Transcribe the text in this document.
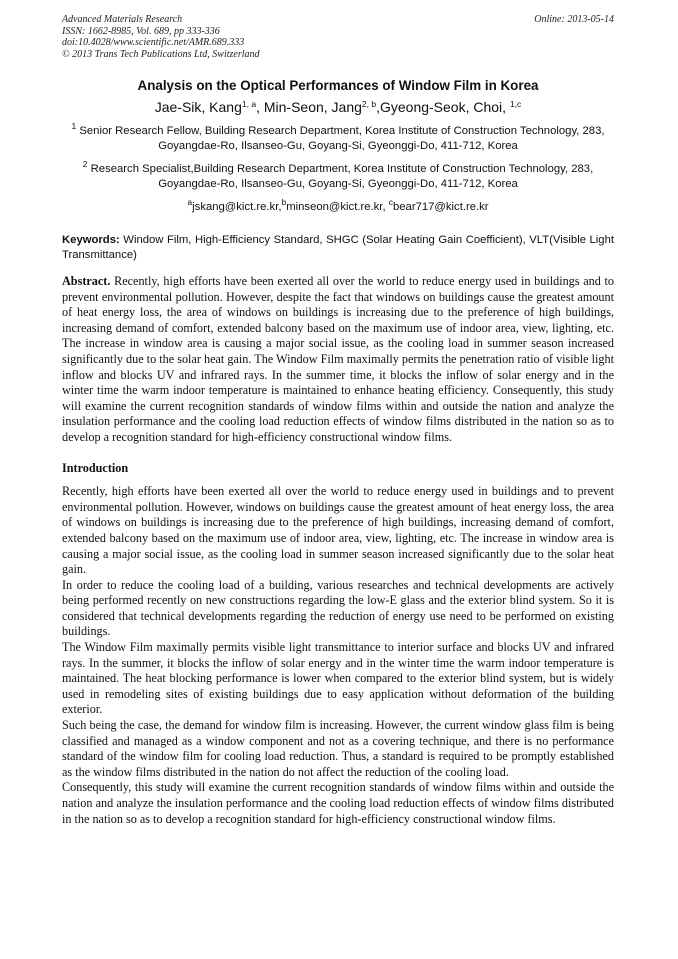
Advanced Materials Research
ISSN: 1662-8985, Vol. 689, pp 333-336
doi:10.4028/www.scientific.net/AMR.689.333
© 2013 Trans Tech Publications Ltd, Switzerland
Online: 2013-05-14
Analysis on the Optical Performances of Window Film in Korea
Jae-Sik, Kang$^{1, a}$, Min-Seon, Jang$^{2, b}$,Gyeong-Seok, Choi, $^{1,c}$
$^1$ Senior Research Fellow, Building Research Department, Korea Institute of Construction Technology, 283, Goyangdae-Ro, Ilsanseo-Gu, Goyang-Si, Gyeonggi-Do, 411-712, Korea
$^2$ Research Specialist,Building Research Department, Korea Institute of Construction Technology, 283, Goyangdae-Ro, Ilsanseo-Gu, Goyang-Si, Gyeonggi-Do, 411-712, Korea
$^a$jskang@kict.re.kr,$^b$minseon@kict.re.kr, $^c$bear717@kict.re.kr
Keywords: Window Film, High-Efficiency Standard, SHGC (Solar Heating Gain Coefficient), VLT(Visible Light Transmittance)
Abstract. Recently, high efforts have been exerted all over the world to reduce energy used in buildings and to prevent environmental pollution. However, despite the fact that windows on buildings cause the greatest amount of heat energy loss, the area of windows on buildings is increasing due to the preference of high buildings, increasing demand of comfort, extended balcony based on the maximum use of indoor area, view, lighting, etc. The increase in window area is causing a major social issue, as the cooling load in summer season increased significantly due to the solar heat gain. The Window Film maximally permits the penetration ratio of visible light inflow and blocks UV and infrared rays. In the summer time, it blocks the inflow of solar energy and in the winter time the warm indoor temperature is maintained to enhance heating efficiency. Consequently, this study will examine the current recognition standards of window films within and outside the nation and analyze the insulation performance and the cooling load reduction effects of window films distributed in the nation so as to develop a recognition standard for high-efficiency constructional window films.
Introduction

Recently, high efforts have been exerted all over the world to reduce energy used in buildings and to prevent environmental pollution. However, windows on buildings cause the greatest amount of heat energy loss, the area of windows on buildings is increasing due to the preference of high buildings, increasing demand of comfort, extended balcony based on the maximum use of indoor area, view, lighting, etc. The increase in window area is causing a major social issue, as the cooling load in summer season increased significantly due to the solar heat gain.

In order to reduce the cooling load of a building, various researches and technical developments are actively being performed recently on new constructions regarding the low-E glass and the exterior blind system. So it is considered that technical developments regarding the reduction of energy use need to be performed on existing buildings.

The Window Film maximally permits visible light transmittance to interior surface and blocks UV and infrared rays. In the summer, it blocks the inflow of solar energy and in the winter time the warm indoor temperature is maintained. The heat blocking performance is lower when compared to the exterior blind system, but is widely used in remodeling sites of existing buildings due to easy application without deformation of the building exterior.

Such being the case, the demand for window film is increasing. However, the current window glass film is being classified and managed as a window component and not as a covering technique, and there is no performance standard of the window film for cooling load reduction. Thus, a standard is required to be promptly established as the window films distributed in the nation do not affect the reduction of the cooling load.

Consequently, this study will examine the current recognition standards of window films within and outside the nation and analyze the insulation performance and the cooling load reduction effects of window films distributed in the nation so as to develop a recognition standard for high-efficiency constructional window films.
